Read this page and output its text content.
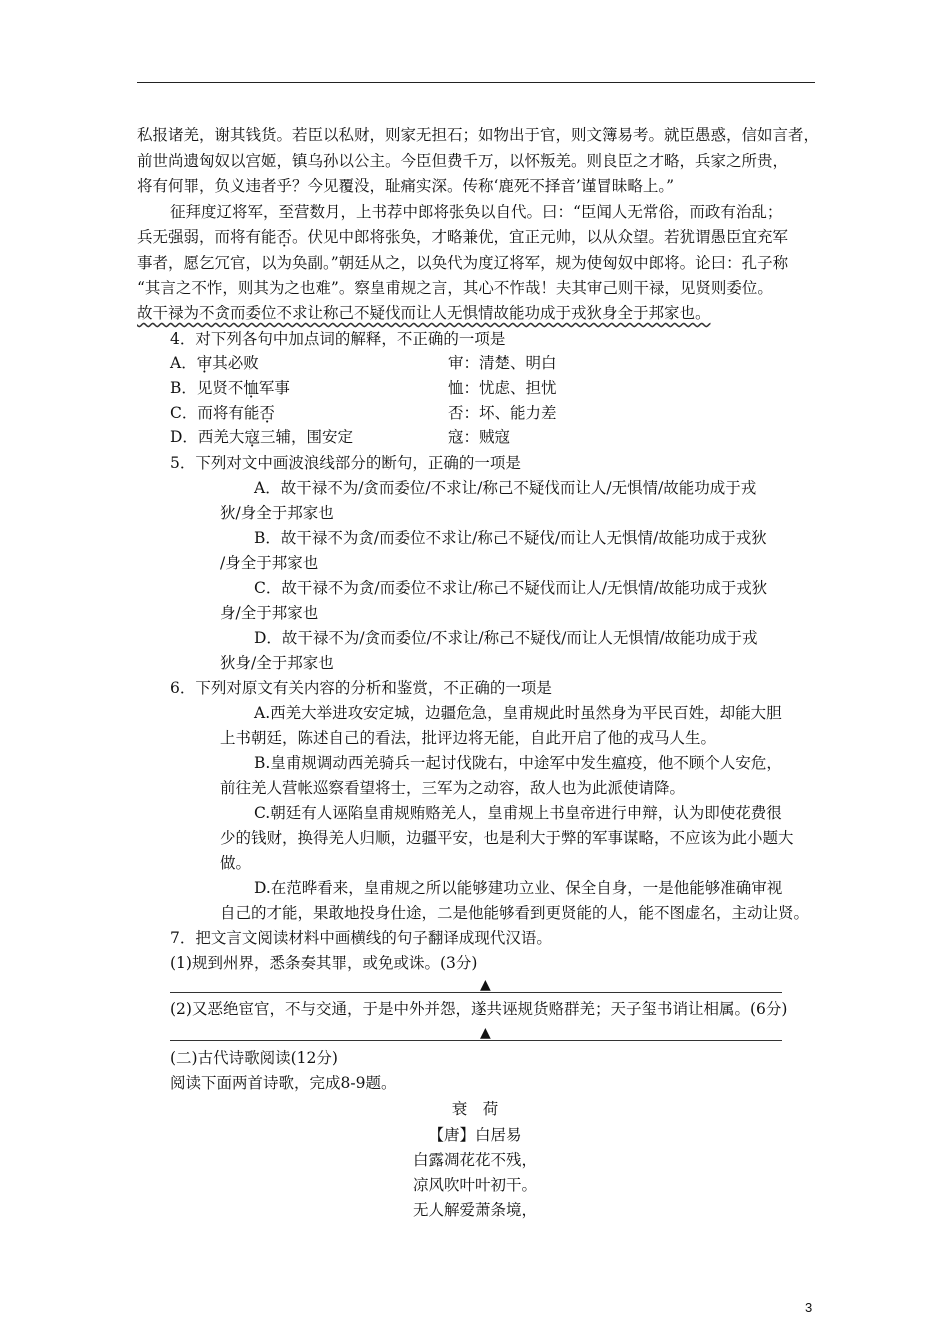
私报诸羌，谢其钱货。若臣以私财，则家无担石；如物出于官，则文簿易考。就臣愚惑，信如言者，
前世尚遗匈奴以宫姬，镇乌孙以公主。今臣但费千万，以怀叛羌。则良臣之才略，兵家之所贵，
将有何罪，负义违者乎？今见覆没，耻痛实深。传称‘鹿死不择音’谨冒昧略上。”
征拜度辽将军，至营数月，上书荐中郎将张奂以自代。曰：“臣闻人无常俗，而政有治乱；
兵无强弱，而将有能否。伏见中郎将张奂，才略兼优，宜正元帅，以从众望。若犹谓愚臣宜充军
事者，愿乞冗官，以为奂副。”朝廷从之，以奂代为度辽将军，规为使匈奴中郎将。论曰：孔子称
“其言之不怍，则其为之也难”。察皇甫规之言，其心不怍哉！夫其审己则干禄，见贤则委位。
故干禄为不贪而委位不求让称己不疑伐而让人无惧情故能功成于戎狄身全于邦家也。
4．对下列各句中加点词的解释，不正确的一项是
A．审其必败	审：清楚、明白
B．见贤不恤军事	恤：忧虑、担忧
C．而将有能否	否：坏、能力差
D．西羌大寇三辅，围安定	寇：贼寇
5．下列对文中画波浪线部分的断句，正确的一项是
A．故干禄不为/贪而委位/不求让/称己不疑伐而让人/无惧情/故能功成于戎
狄/身全于邦家也
B．故干禄不为贪/而委位不求让/称己不疑伐/而让人无惧情/故能功成于戎狄
/身全于邦家也
C．故干禄不为贪/而委位不求让/称己不疑伐而让人/无惧情/故能功成于戎狄
身/全于邦家也
D．故干禄不为/贪而委位/不求让/称己不疑伐/而让人无惧情/故能功成于戎
狄身/全于邦家也
6．下列对原文有关内容的分析和鉴赏，不正确的一项是
A.西羌大举进攻安定城，边疆危急，皇甫规此时虽然身为平民百姓，却能大胆
上书朝廷，陈述自己的看法，批评边将无能，自此开启了他的戎马人生。
B.皇甫规调动西羌骑兵一起讨伐陇右，中途军中发生瘟疫，他不顾个人安危，
前往羌人营帐巡察看望将士，三军为之动容，敌人也为此派使请降。
C.朝廷有人诬陷皇甫规贿赂羌人，皇甫规上书皇帝进行申辩，认为即使花费很
少的钱财，换得羌人归顺，边疆平安，也是利大于弊的军事谋略，不应该为此小题大
做。
D.在范晔看来，皇甫规之所以能够建功立业、保全自身，一是他能够准确审视
自己的才能，果敢地投身仕途，二是他能够看到更贤能的人，能不图虚名，主动让贤。
7．把文言文阅读材料中画横线的句子翻译成现代汉语。
(1)规到州界，悉条奏其罪，或免或诛。(3分)
▲
(2)又恶绝宦官，不与交通，于是中外并怨，遂共诬规货赂群羌；天子玺书诮让相属。(6分)
▲
(二)古代诗歌阅读(12分)
阅读下面两首诗歌，完成8-9题。
衰　荷
【唐】白居易
白露凋花花不残，
凉风吹叶叶初干。
无人解爱萧条境，
3
